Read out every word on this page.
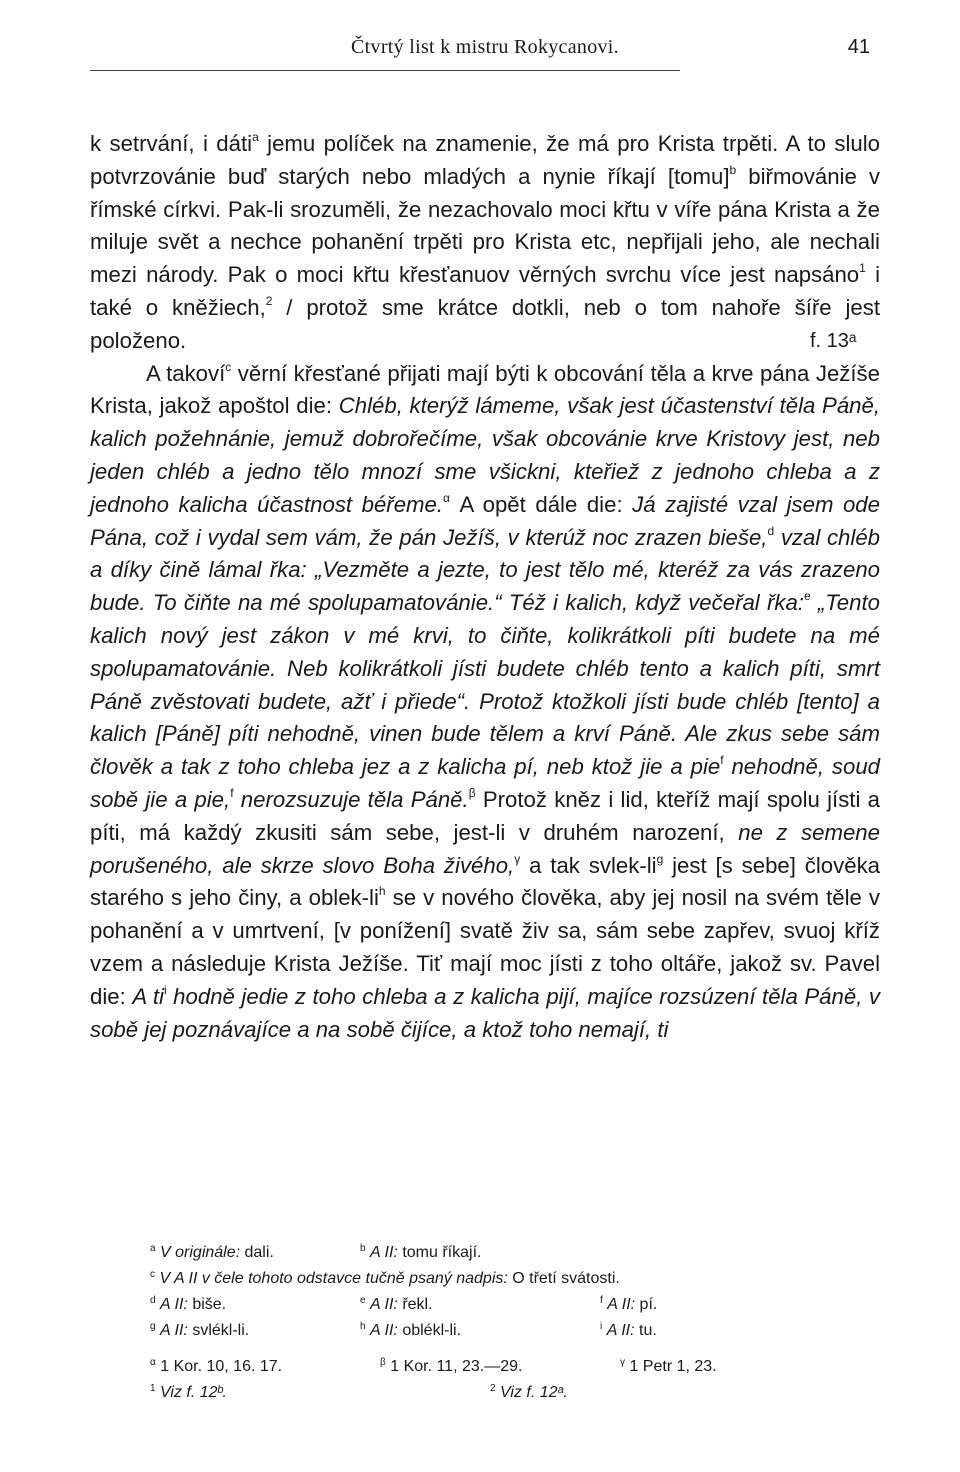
Čtvrtý list k mistru Rokycanovi.	41
f. 13ᵃ

k setrvání, i dáti$^a$ jemu políček na znamenie, že má pro Krista trpěti. A to slulo potvrzovánie buď starých nebo mladých a nynie říkají [tomu]$^b$ biřmovánie v římské církvi. Pak-li srozuměli, že nezachovalo moci křtu v víře pána Krista a že miluje svět a nechce pohanění trpěti pro Krista etc, nepřijali jeho, ale nechali mezi národy. Pak o moci křtu křesťanuov věrných svrchu více jest napsáno$^1$ i také o kněžiech,$^2$ / protož sme krátce dotkli, neb o tom nahoře šíře jest položeno.

A takoví$^c$ věrní křesťané přijati mají býti k obcování těla a krve pána Ježíše Krista, jakož apoštol die: Chléb, kterýž lámeme, však jest účastenství těla Páně, kalich požehnánie, jemuž dobrořečíme, však obcovánie krve Kristovy jest, neb jeden chléb a jedno tělo mnozí sme všickni, kteřiež z jednoho chleba a z jednoho kalicha účastnost béřeme.$^\alpha$ A opět dále die: Já zajisté vzal jsem ode Pána, což i vydal sem vám, že pán Ježíš, v kterúž noc zrazen bieše,$^d$ vzal chléb a díky čině lámal řka: „Vezměte a jezte, to jest tělo mé, kteréž za vás zrazeno bude. To čiňte na mé spolupamatovánie.“ Též i kalich, když večeřal řka:$^e$ „Tento kalich nový jest zákon v mé krvi, to čiňte, kolikrátkoli píti budete na mé spolupamatovánie. Neb kolikrátkoli jísti budete chléb tento a kalich píti, smrt Páně zvěstovati budete, ažť i přiede“. Protož ktožkoli jísti bude chléb [tento] a kalich [Páně] píti nehodně, vinen bude tělem a krví Páně. Ale zkus sebe sám člověk a tak z toho chleba jez a z kalicha pí, neb ktož jie a pie$^f$ nehodně, soud sobě jie a pie,$^f$ nerozsuzuje těla Páně.$^\beta$ Protož kněz i lid, kteříž mají spolu jísti a píti, má každý zkusiti sám sebe, jest-li v druhém narození, ne z semene porušeného, ale skrze slovo Boha živého,$^\gamma$ a tak svlek-$li^g$ jest [s sebe] člověka starého s jeho činy, a oblek-$li^h$ se v nového člověka, aby jej nosil na svém těle v pohanění a v umrtvení, [v ponížení] svatě živ sa, sám sebe zapřev, svuoj kříž vzem a následuje Krista Ježíše. Tiť mají moc jísti z toho oltáře, jakož sv. Pavel die: A $ti^i$ hodně jedie z toho chleba a z kalicha pijí, majíce rozsúzení těla Páně, v sobě jej poznávajíce a na sobě čijíce, a ktož toho nemají, ti

$^a$ V originále: dali.	$^b$ A II: tomu říkají.
$^c$ V A II v čele tohoto odstavce tučně psaný nadpis: O třetí svátosti.
$^d$ A II: biše.	$^e$ A II: řekl.	$^f$ A II: pí.
$^g$ A II: svlékl-li.	$^h$ A II: oblékl-li.	$^i$ A II: tu.
$^\alpha$ 1 Kor. 10, 16. 17.	$^\beta$ 1 Kor. 11, 23.—29.	$^\gamma$ 1 Petr 1, 23.
$^1$ Viz f. 12ᵇ.	$^2$ Viz f. 12ᵃ.
